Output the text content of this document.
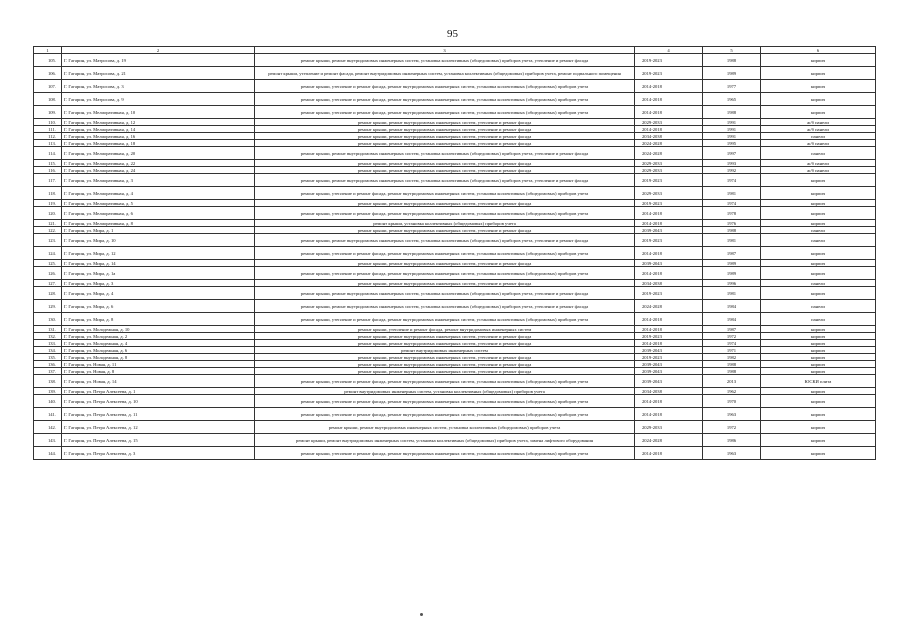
95
1	2	3	4	5	6
105.	Г. Гагарин, ул. Матросова, д. 19	ремонт крыши, ремонт внутридомовых инженерных систем, установка коллективных (общедомовых) приборов учета, утепление и ремонт фасада	2019-2023	1988	кирпич
106.	Г. Гагарин, ул. Матросова, д. 21	ремонт крыши, утепление и ремонт фасада, ремонт внутридомовых инженерных систем, установка коллективных (общедомовых) приборов учета, ремонт подвального помещения	2019-2023	1989	кирпич
107.	Г. Гагарин, ул. Матросова, д. 3	ремонт крыши, утепление и ремонт фасада, ремонт внутридомовых инженерных систем, установка коллективных (общедомовых) приборов учета	2014-2018	1977	кирпич
108.	Г. Гагарин, ул. Матросова, д. 9	ремонт крыши, утепление и ремонт фасада, ремонт внутридомовых инженерных систем, установка коллективных (общедомовых) приборов учета	2014-2018	1965	кирпич
109.	Г. Гагарин, ул. Мелиоративная, д. 10	ремонт крыши, утепление и ремонт фасада, ремонт внутридомовых инженерных систем, установка коллективных (общедомовых) приборов учета	2014-2018	1988	кирпич
110.	Г. Гагарин, ул. Мелиоративная, д. 12	ремонт крыши, ремонт внутридомовых инженерных систем, утепление и ремонт фасада	2029-2033	1991	ж/б панели
111.	Г. Гагарин, ул. Мелиоративная, д. 14	ремонт крыши, ремонт внутридомовых инженерных систем, утепление и ремонт фасада	2014-2018	1991	ж/б панели
112.	Г. Гагарин, ул. Мелиоративная, д. 16	ремонт крыши, ремонт внутридомовых инженерных систем, утепление и ремонт фасада	2034-2038	1991	панели
113.	Г. Гагарин, ул. Мелиоративная, д. 18	ремонт крыши, ремонт внутридомовых инженерных систем, утепление и ремонт фасада	2024-2028	1995	ж/б панели
114.	Г. Гагарин, ул. Мелиоративная, д. 20	ремонт крыши, ремонт внутридомовых инженерных систем, установка коллективных (общедомовых) приборов учета, утепление и ремонт фасада	2024-2028	1997	панели
115.	Г. Гагарин, ул. Мелиоративная, д. 22	ремонт крыши, ремонт внутридомовых инженерных систем, утепление и ремонт фасада	2029-2033	1993	ж/б панели
116.	Г. Гагарин, ул. Мелиоративная, д. 24	ремонт крыши, ремонт внутридомовых инженерных систем, утепление и ремонт фасада	2029-2033	1992	ж/б панели
117.	Г. Гагарин, ул. Мелиоративная, д. 3	ремонт крыши, ремонт внутридомовых инженерных систем, установка коллективных (общедомовых) приборов учета, утепление и ремонт фасада	2019-2023	1974	кирпич
118.	Г. Гагарин, ул. Мелиоративная, д. 4	ремонт крыши, утепление и ремонт фасада, ремонт внутридомовых инженерных систем, установка коллективных (общедомовых) приборов учета	2029-2033	1981	кирпич
119.	Г. Гагарин, ул. Мелиоративная, д. 5	ремонт крыши, ремонт внутридомовых инженерных систем, утепление и ремонт фасада	2019-2023	1974	кирпич
120.	Г. Гагарин, ул. Мелиоративная, д. 6	ремонт крыши, утепление и ремонт фасада, ремонт внутридомовых инженерных систем, установка коллективных (общедомовых) приборов учета	2014-2018	1978	кирпич
121.	Г. Гагарин, ул. Мелиоративная, д. 8	ремонт крыши, установка коллективных (общедомовых) приборов учета	2014-2018	1976	кирпич
122.	Г. Гагарин, ул. Мира, д. 1	ремонт крыши, ремонт внутридомовых инженерных систем, утепление и ремонт фасада	2039-2043	1988	панели
123.	Г. Гагарин, ул. Мира, д. 10	ремонт крыши, ремонт внутридомовых инженерных систем, установка коллективных (общедомовых) приборов учета, утепление и ремонт фасада	2019-2023	1981	панели
124.	Г. Гагарин, ул. Мира, д. 12	ремонт крыши, утепление и ремонт фасада, ремонт внутридомовых инженерных систем, установка коллективных (общедомовых) приборов учета	2014-2018	1987	кирпич
125.	Г. Гагарин, ул. Мира, д. 14	ремонт крыши, ремонт внутридомовых инженерных систем, утепление и ремонт фасада	2039-2043	1989	кирпич
126.	Г. Гагарин, ул. Мира, д. 1а	ремонт крыши, утепление и ремонт фасада, ремонт внутридомовых инженерных систем, установка коллективных (общедомовых) приборов учета	2014-2018	1989	кирпич
127.	Г. Гагарин, ул. Мира, д. 3	ремонт крыши, ремонт внутридомовых инженерных систем, утепление и ремонт фасада	2034-2038	1996	панели
128.	Г. Гагарин, ул. Мира, д. 4	ремонт крыши, ремонт внутридомовых инженерных систем, установка коллективных (общедомовых) приборов учета, утепление и ремонт фасада	2019-2023	1981	кирпич
129.	Г. Гагарин, ул. Мира, д. 6	ремонт крыши, ремонт внутридомовых инженерных систем, установка коллективных (общедомовых) приборов учета, утепление и ремонт фасада	2024-2028	1984	панели
130.	Г. Гагарин, ул. Мира, д. 8	ремонт крыши, утепление и ремонт фасада, ремонт внутридомовых инженерных систем, установка коллективных (общедомовых) приборов учета	2014-2018	1984	панели
131.	Г. Гагарин, ул. Молодежная, д. 10	ремонт крыши, утепление и ремонт фасада, ремонт внутридомовых инженерных систем	2014-2018	1987	кирпич
132.	Г. Гагарин, ул. Молодежная, д. 2	ремонт крыши, ремонт внутридомовых инженерных систем, утепление и ремонт фасада	2019-2023	1972	кирпич
133.	Г. Гагарин, ул. Молодежная, д. 4	ремонт крыши, ремонт внутридомовых инженерных систем, утепление и ремонт фасада	2014-2018	1974	кирпич
134.	Г. Гагарин, ул. Молодежная, д. 6	ремонт внутридомовых инженерных систем	2039-2043	1971	кирпич
135.	Г. Гагарин, ул. Молодежная, д. 8	ремонт крыши, ремонт внутридомовых инженерных систем, утепление и ремонт фасада	2019-2023	1982	кирпич
136.	Г. Гагарин, ул. Новая, д. 11	ремонт крыши, ремонт внутридомовых инженерных систем, утепление и ремонт фасада	2039-2043	1988	кирпич
137.	Г. Гагарин, ул. Новая, д. 8	ремонт крыши, ремонт внутридомовых инженерных систем, утепление и ремонт фасада	2039-2043	1988	кирпич
138.	Г. Гагарин, ул. Новая, д. 14	ремонт крыши, утепление и ремонт фасада, ремонт внутридомовых инженерных систем, установка коллективных (общедомовых) приборов учета	2039-2043	2013	ЮСКИ плита
139.	Г. Гагарин, ул. Петра Алексеева, д. 1	ремонт внутридомовых инженерных систем, установка коллективных (общедомовых) приборов учета	2034-2038	1962	кирпич
140.	Г. Гагарин, ул. Петра Алексеева, д. 10	ремонт крыши, утепление и ремонт фасада, ремонт внутридомовых инженерных систем, установка коллективных (общедомовых) приборов учета	2014-2018	1970	кирпич
141.	Г. Гагарин, ул. Петра Алексеева, д. 11	ремонт крыши, утепление и ремонт фасада, ремонт внутридомовых инженерных систем, установка коллективных (общедомовых) приборов учета	2014-2018	1963	кирпич
142.	Г. Гагарин, ул. Петра Алексеева, д. 12	ремонт крыши, ремонт внутридомовых инженерных систем, установка коллективных (общедомовых) приборов учета	2029-2033	1972	кирпич
143.	Г. Гагарин, ул. Петра Алексеева, д. 15	ремонт крыши, ремонт внутридомовых инженерных систем, установка коллективных (общедомовых) приборов учета, замена лифтового оборудования	2024-2028	1986	кирпич
144.	Г. Гагарин, ул. Петра Алексеева, д. 3	ремонт крыши, утепление и ремонт фасада, ремонт внутридомовых инженерных систем, установка коллективных (общедомовых) приборов учета	2014-2018	1963	кирпич
